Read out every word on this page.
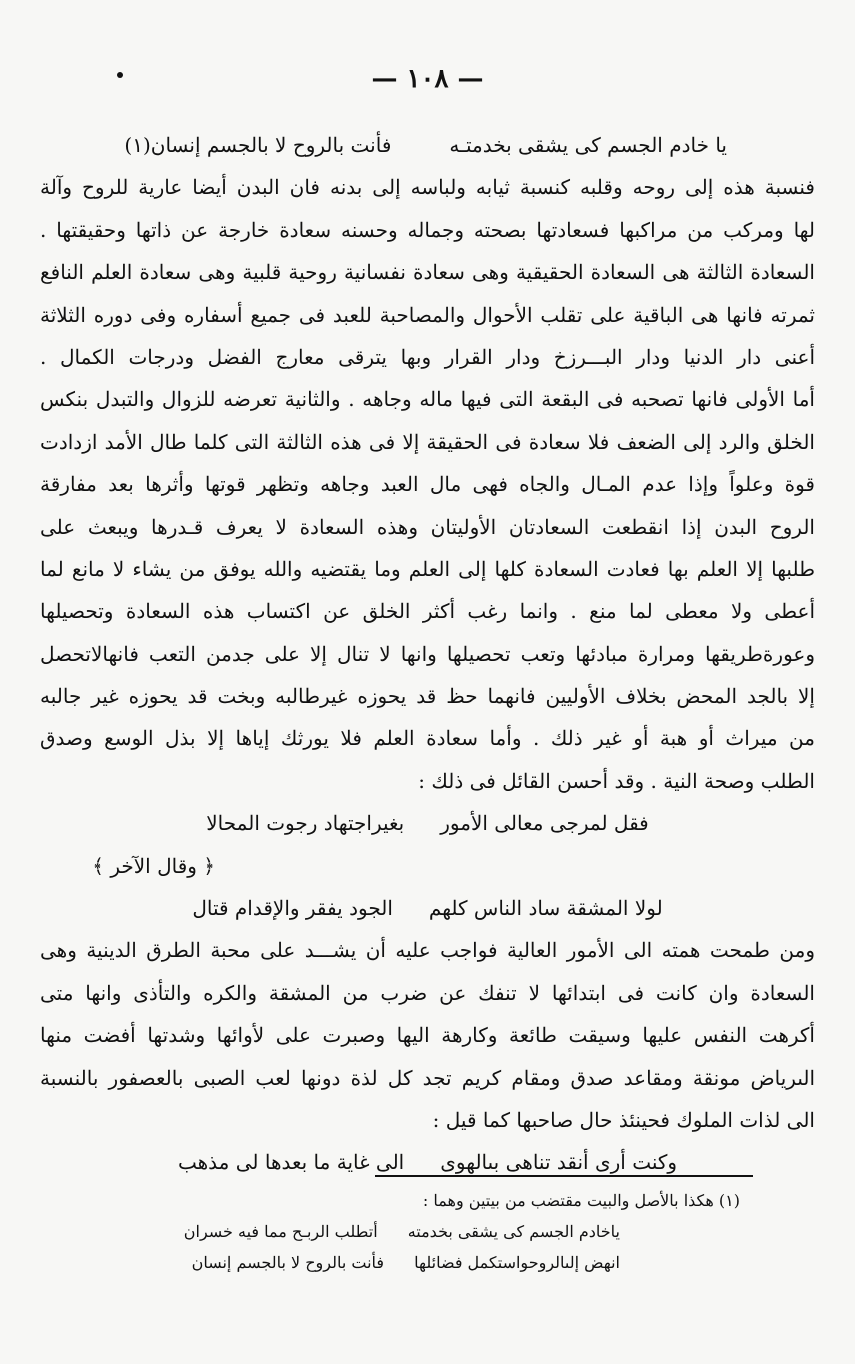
— ١٠٨ —
يا خادم الجسم كى يشقى بخدمتـه
فأنت بالروح لا بالجسم إنسان(١)
فنسبة هذه إلى روحه وقلبه كنسبة ثيابه ولباسه إلى بدنه فان البدن أيضا عارية للروح وآلة
لها ومركب من مراكبها فسعادتها بصحته وجماله وحسنه سعادة خارجة عن ذاتها وحقيقتها .
السعادة الثالثة هى السعادة الحقيقية وهى سعادة نفسانية روحية قلبية وهى سعادة العلم النافع
ثمرته فانها هى الباقية على تقلب الأحوال والمصاحبة للعبد فى جميع أسفاره وفى دوره الثلاثة
أعنى دار الدنيا ودار البـــرزخ ودار القرار وبها يترقى معارج الفضل ودرجات الكمال .
أما الأولى فانها تصحبه فى البقعة التى فيها ماله وجاهه . والثانية تعرضه للزوال والتبدل بنكس
الخلق والرد إلى الضعف فلا سعادة فى الحقيقة إلا فى هذه الثالثة التى كلما طال الأمد ازدادت
قوة وعلواً وإذا عدم المـال والجاه فهى مال العبد وجاهه وتظهر قوتها وأثرها بعد مفارقة
الروح البدن إذا انقطعت السعادتان الأوليتان وهذه السعادة لا يعرف قـدرها ويبعث على
طلبها إلا العلم بها فعادت السعادة كلها إلى العلم وما يقتضيه والله يوفق من يشاء لا مانع لما
أعطى ولا معطى لما منع . وانما رغب أكثر الخلق عن اكتساب هذه السعادة وتحصيلها
وعورةطريقها ومرارة مبادئها وتعب تحصيلها وانها لا تنال إلا على جدمن التعب فانهالاتحصل
إلا بالجد المحض بخلاف الأوليين فانهما حظ قد يحوزه غيرطالبه وبخت قد يحوزه غير جالبه
من ميراث أو هبة أو غير ذلك . وأما سعادة العلم فلا يورثك إياها إلا بذل الوسع وصدق
الطلب وصحة النية . وقد أحسن القائل فى ذلك :
فقل لمرجى معالى الأمور
بغيراجتهاد رجوت المحالا
﴿ وقال الآخر ﴾
لولا المشقة ساد الناس كلهم
الجود يفقر والإقدام قتال
ومن طمحت همته الى الأمور العالية فواجب عليه أن يشـــد على محبة الطرق الدينية وهى
السعادة وان كانت فى ابتدائها لا تنفك عن ضرب من المشقة والكره والتأذى وانها متى
أكرهت النفس عليها وسيقت طائعة وكارهة اليها وصبرت على لأوائها وشدتها أفضت منها
الىرياض مونقة ومقاعد صدق ومقام كريم تجد كل لذة دونها لعب الصبى بالعصفور بالنسبة
الى لذات الملوك فحينئذ حال صاحبها كما قيل :
وكنت أرى أنقد تناهى بىالهوى
الى غاية ما بعدها لى مذهب
(١) هكذا بالأصل والبيت مقتضب من بيتين وهما :
ياخادم الجسم كى يشقى بخدمته
أتطلب الربـح مما فيه خسران
انهض إلىالروحواستكمل فضائلها
فأنت بالروح لا بالجسم إنسان
